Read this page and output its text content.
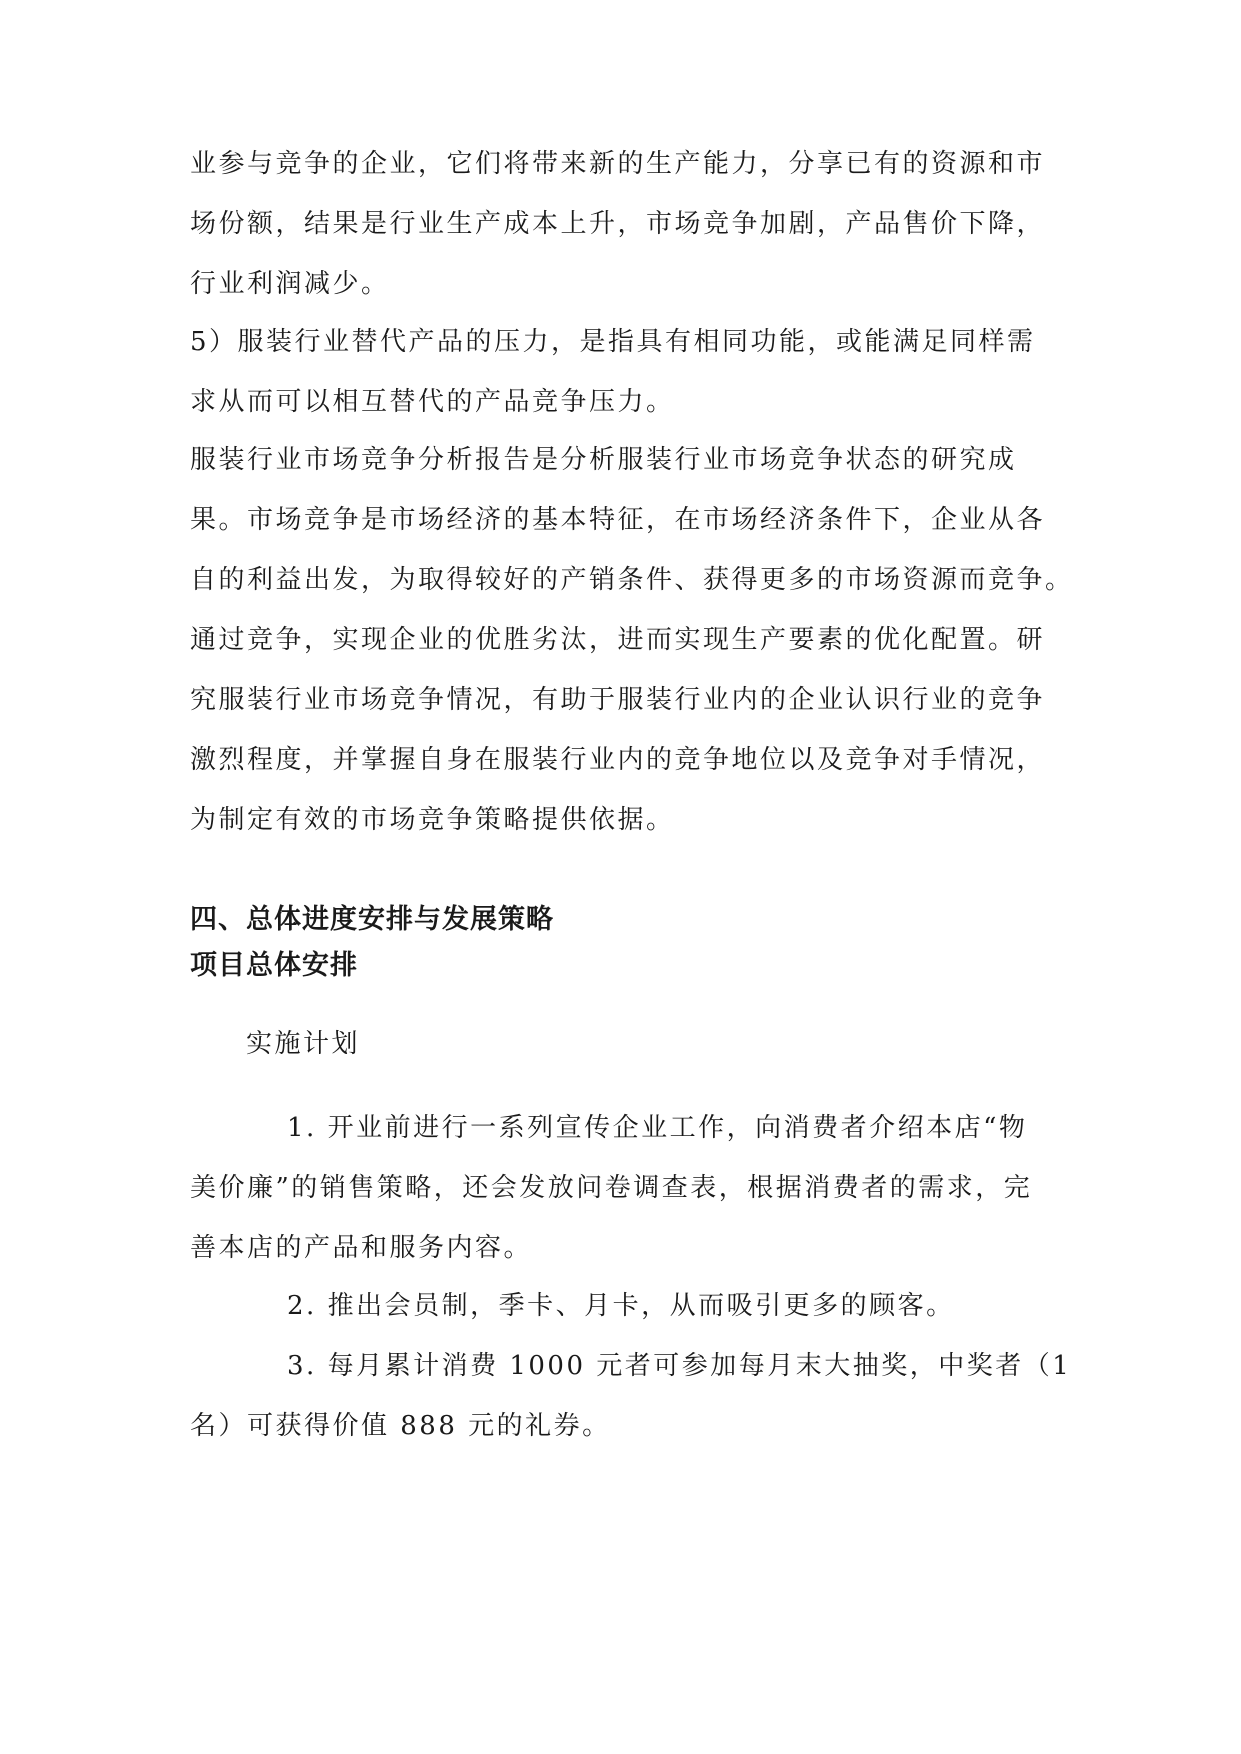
业参与竞争的企业，它们将带来新的生产能力，分享已有的资源和市

场份额，结果是行业生产成本上升，市场竞争加剧，产品售价下降，

行业利润减少。

5）服装行业替代产品的压力，是指具有相同功能，或能满足同样需

求从而可以相互替代的产品竞争压力。

服装行业市场竞争分析报告是分析服装行业市场竞争状态的研究成

果。市场竞争是市场经济的基本特征，在市场经济条件下，企业从各

自的利益出发，为取得较好的产销条件、获得更多的市场资源而竞争。

通过竞争，实现企业的优胜劣汰，进而实现生产要素的优化配置。研

究服装行业市场竞争情况，有助于服装行业内的企业认识行业的竞争

激烈程度，并掌握自身在服装行业内的竞争地位以及竞争对手情况，

为制定有效的市场竞争策略提供依据。

四、总体进度安排与发展策略
项目总体安排

实施计划

1. 开业前进行一系列宣传企业工作，向消费者介绍本店“物

美价廉”的销售策略，还会发放问卷调查表，根据消费者的需求，完

善本店的产品和服务内容。

2. 推出会员制，季卡、月卡，从而吸引更多的顾客。

3. 每月累计消费 1000 元者可参加每月末大抽奖，中奖者（1

名）可获得价值 888 元的礼券。
